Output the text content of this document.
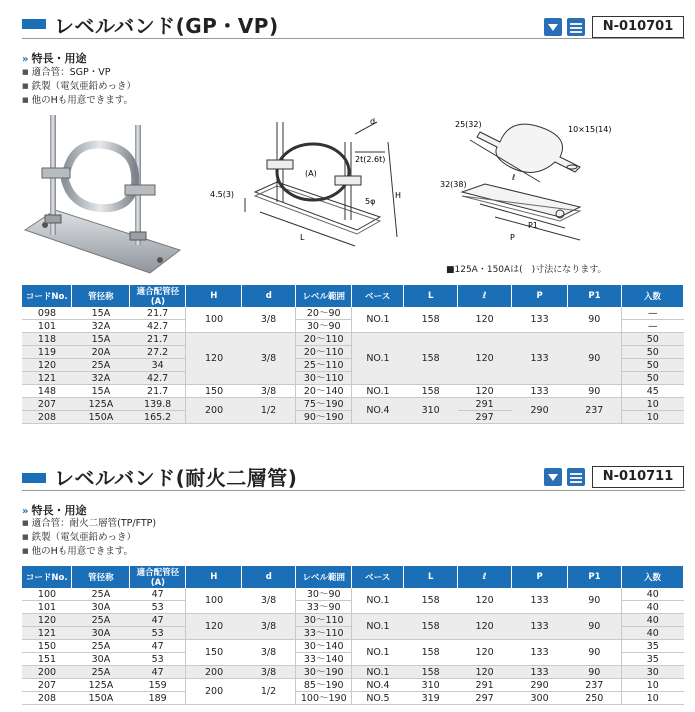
レベルバンド(GP・VP)	N-010701
» 特長・用途
■ 適合管：SGP・VP
■ 鉄製（電気亜鉛めっき）
■ 他のHも用意できます。
d
2t(2.6t)
(A)
5φ
H
4.5(3)
L
25(32)
10×15(14)
ℓ
32(38)
P1
P
■125A・150Aは(　)寸法になります。
コードNo.	管径称	適合配管径(A)	H	d	レベル範囲	ベース	L	ℓ	P	P1	入数
098	15A	21.7	100	3/8	20～90	NO.1	158	120	133	90	—
101	32A	42.7			30～90						—
118	15A	21.7	120	3/8	20～110	NO.1	158	120	133	90	50
119	20A	27.2			20～110						50
120	25A	34			25～110						50
121	32A	42.7			30～110						50
148	15A	21.7	150	3/8	20～140	NO.1	158	120	133	90	45
207	125A	139.8	200	1/2	75～190	NO.4	310	291	290	237	10
208	150A	165.2			90～190			297			10
レベルバンド(耐火二層管)	N-010711
» 特長・用途
■ 適合管：耐火二層管(TP/FTP)
■ 鉄製（電気亜鉛めっき）
■ 他のHも用意できます。
コードNo.	管径称	適合配管径(A)	H	d	レベル範囲	ベース	L	ℓ	P	P1	入数
100	25A	47	100	3/8	30～90	NO.1	158	120	133	90	40
101	30A	53			33～90						40
120	25A	47	120	3/8	30～110	NO.1	158	120	133	90	40
121	30A	53			33～110						40
150	25A	47	150	3/8	30～140	NO.1	158	120	133	90	35
151	30A	53			33～140						35
200	25A	47	200	3/8	30～190	NO.1	158	120	133	90	30
207	125A	159	200	1/2	85～190	NO.4	310	291	290	237	10
208	150A	189			100～190	NO.5	319	297	300	250	10
